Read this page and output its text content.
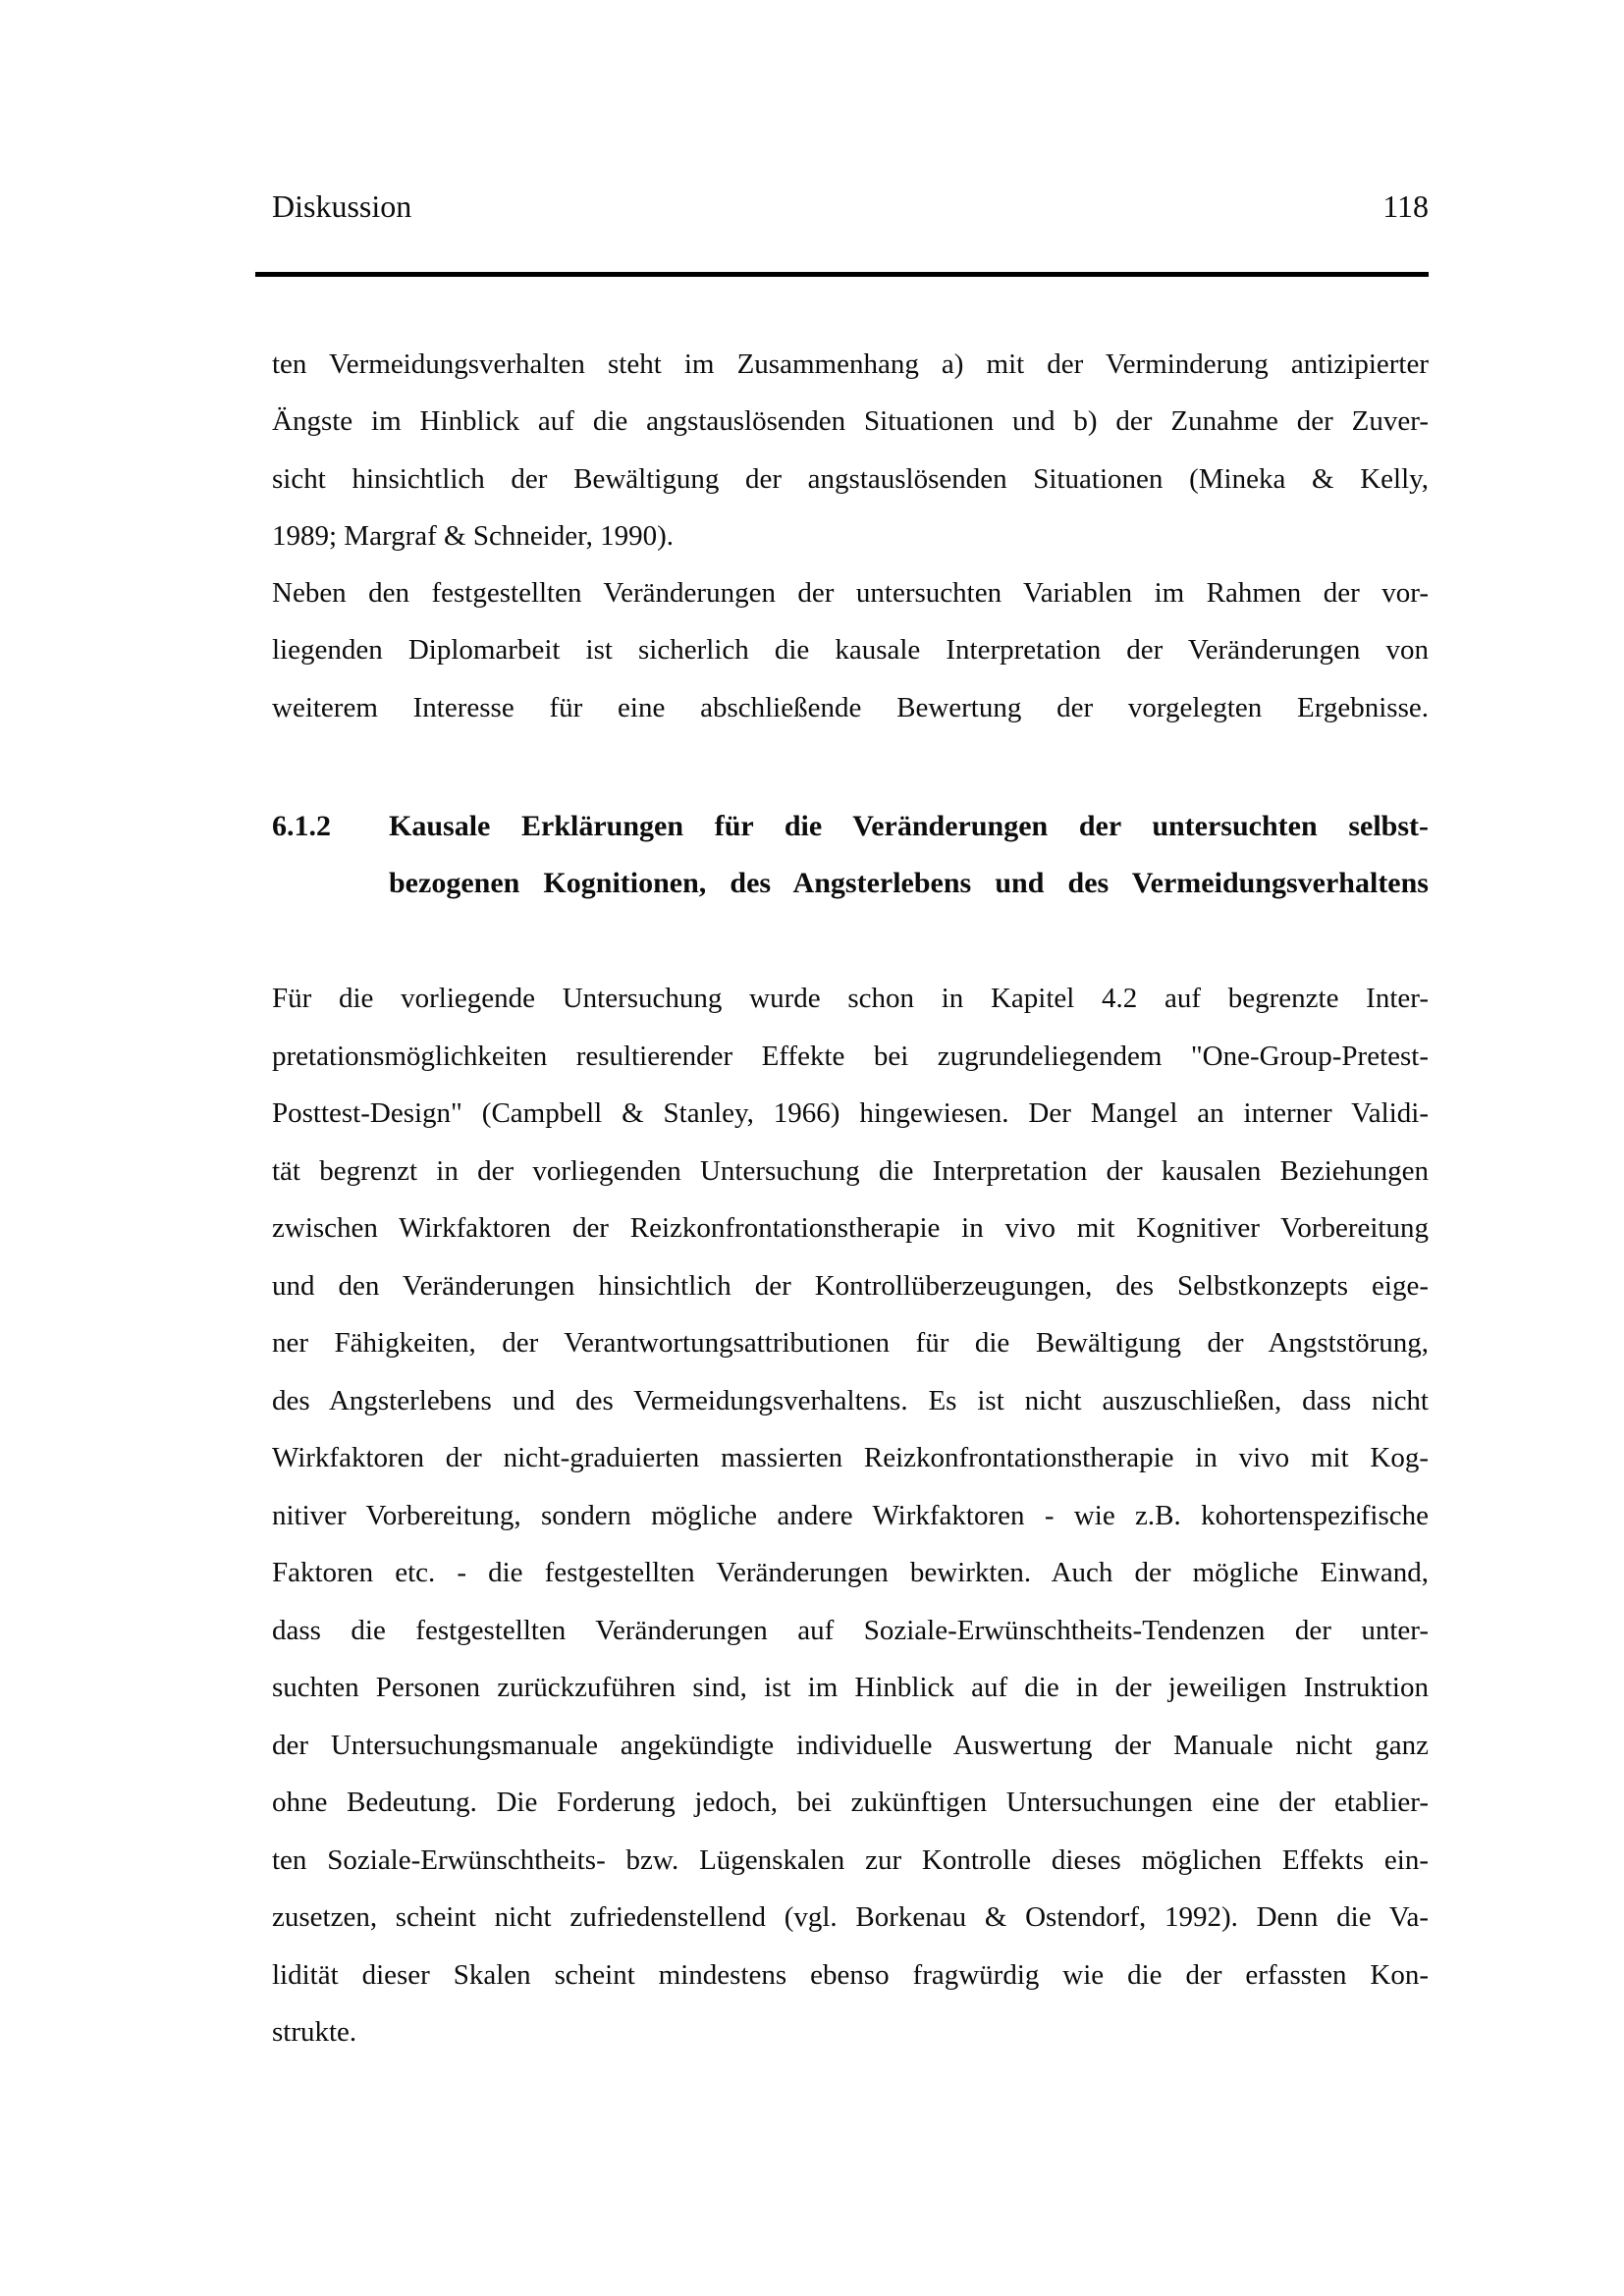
Diskussion	118
ten Vermeidungsverhalten steht im Zusammenhang a) mit der Verminderung antizipierter
Ängste im Hinblick auf die angstauslösenden Situationen und b) der Zunahme der Zuver-
sicht hinsichtlich der Bewältigung der angstauslösenden Situationen (Mineka & Kelly,
1989; Margraf & Schneider, 1990).
Neben den festgestellten Veränderungen der untersuchten Variablen im Rahmen der vor-
liegenden Diplomarbeit ist sicherlich die kausale Interpretation der Veränderungen von
weiterem Interesse für eine abschließende Bewertung der vorgelegten Ergebnisse.
6.1.2 Kausale Erklärungen für die Veränderungen der untersuchten selbst-
bezogenen Kognitionen, des Angsterlebens und des Vermeidungsverhaltens
Für die vorliegende Untersuchung wurde schon in Kapitel 4.2 auf begrenzte Inter-
pretationsmöglichkeiten resultierender Effekte bei zugrundeliegendem "One-Group-Pretest-
Posttest-Design" (Campbell & Stanley, 1966) hingewiesen. Der Mangel an interner Validi-
tät begrenzt in der vorliegenden Untersuchung die Interpretation der kausalen Beziehungen
zwischen Wirkfaktoren der Reizkonfrontationstherapie in vivo mit Kognitiver Vorbereitung
und den Veränderungen hinsichtlich der Kontrollüberzeugungen, des Selbstkonzepts eige-
ner Fähigkeiten, der Verantwortungsattributionen für die Bewältigung der Angststörung,
des Angsterlebens und des Vermeidungsverhaltens. Es ist nicht auszuschließen, dass nicht
Wirkfaktoren der nicht-graduierten massierten Reizkonfrontationstherapie in vivo mit Kog-
nitiver Vorbereitung, sondern mögliche andere Wirkfaktoren - wie z.B. kohortenspezifische
Faktoren etc. - die festgestellten Veränderungen bewirkten. Auch der mögliche Einwand,
dass die festgestellten Veränderungen auf Soziale-Erwünschtheits-Tendenzen der unter-
suchten Personen zurückzuführen sind, ist im Hinblick auf die in der jeweiligen Instruktion
der Untersuchungsmanuale angekündigte individuelle Auswertung der Manuale nicht ganz
ohne Bedeutung. Die Forderung jedoch, bei zukünftigen Untersuchungen eine der etablier-
ten Soziale-Erwünschtheits- bzw. Lügenskalen zur Kontrolle dieses möglichen Effekts ein-
zusetzen, scheint nicht zufriedenstellend (vgl. Borkenau & Ostendorf, 1992). Denn die Va-
lidität dieser Skalen scheint mindestens ebenso fragwürdig wie die der erfassten Kon-
strukte.
